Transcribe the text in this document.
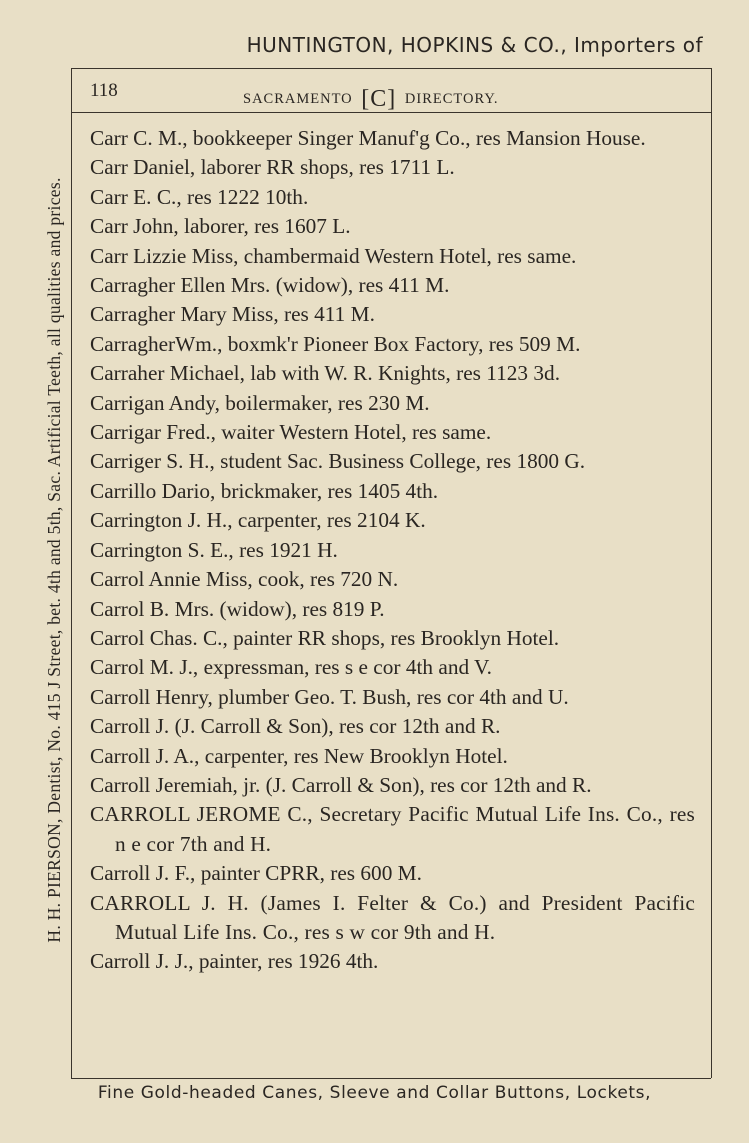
HUNTINGTON, HOPKINS & CO., Importers of
H. H. PIERSON, Dentist, No. 415 J Street, bet. 4th and 5th, Sac. Artificial Teeth, all qualities and prices.
118	SACRAMENTO [C] DIRECTORY.

Carr C. M., bookkeeper Singer Manuf'g Co., res Mansion House.

Carr Daniel, laborer RR shops, res 1711 L.

Carr E. C., res 1222 10th.

Carr John, laborer, res 1607 L.

Carr Lizzie Miss, chambermaid Western Hotel, res same.

Carragher Ellen Mrs. (widow), res 411 M.

Carragher Mary Miss, res 411 M.

CarragherWm., boxmk'r Pioneer Box Factory, res 509 M.

Carraher Michael, lab with W. R. Knights, res 1123 3d.

Carrigan Andy, boilermaker, res 230 M.

Carrigar Fred., waiter Western Hotel, res same.

Carriger S. H., student Sac. Business College, res 1800 G.

Carrillo Dario, brickmaker, res 1405 4th.

Carrington J. H., carpenter, res 2104 K.

Carrington S. E., res 1921 H.

Carrol Annie Miss, cook, res 720 N.

Carrol B. Mrs. (widow), res 819 P.

Carrol Chas. C., painter RR shops, res Brooklyn Hotel.

Carrol M. J., expressman, res s e cor 4th and V.

Carroll Henry, plumber Geo. T. Bush, res cor 4th and U.

Carroll J. (J. Carroll & Son), res cor 12th and R.

Carroll J. A., carpenter, res New Brooklyn Hotel.

Carroll Jeremiah, jr. (J. Carroll & Son), res cor 12th and R.

CARROLL JEROME C., Secretary Pacific Mutual Life Ins. Co., res n e cor 7th and H.

Carroll J. F., painter CPRR, res 600 M.

CARROLL J. H. (James I. Felter & Co.) and President Pacific Mutual Life Ins. Co., res s w cor 9th and H.

Carroll J. J., painter, res 1926 4th.

Fine Gold-headed Canes, Sleeve and Collar Buttons, Lockets,
